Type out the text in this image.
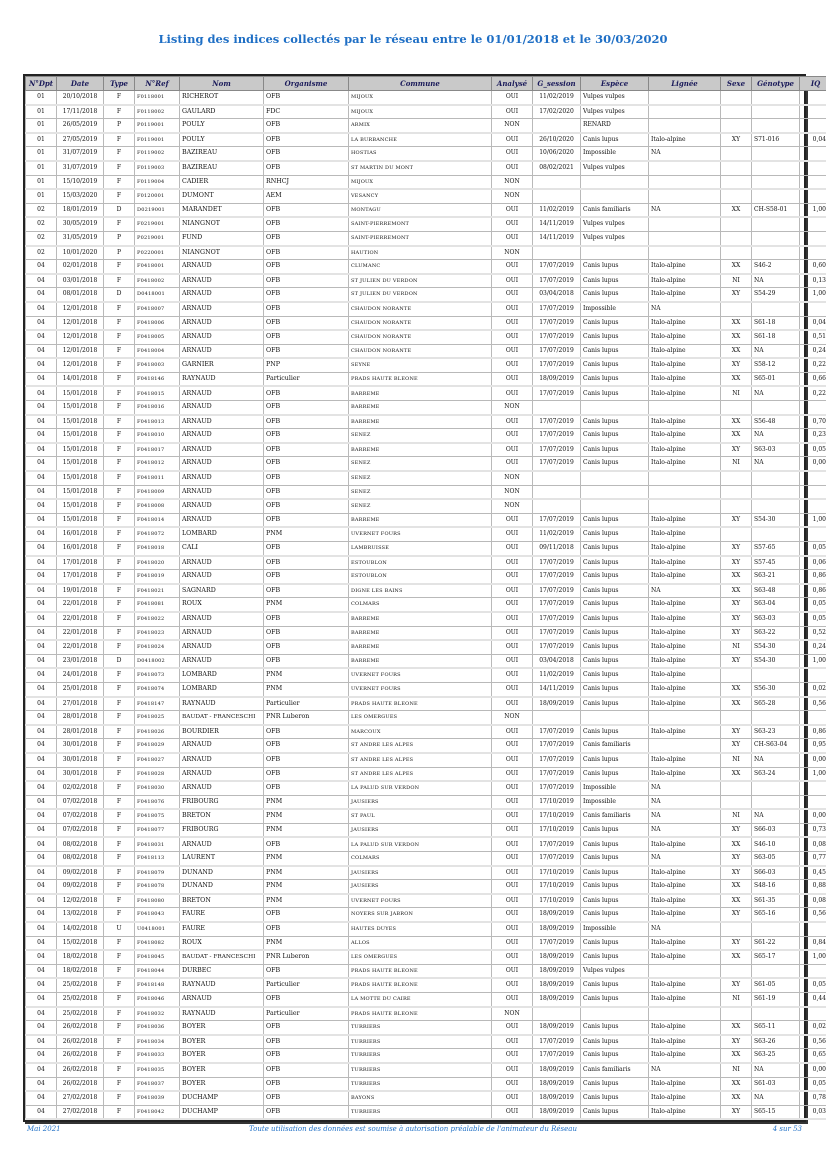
Listing des indices collectés par le réseau entre le 01/01/2018 et le 30/03/2020
N°Dpt	Date	Type	N°Ref	Nom	Organisme	Commune	Analysé	G_session	Espèce	Lignée	Sexe	Génotype	IQ
01	20/10/2018	F	F0118001	RICHEROT	OFB	MIJOUX	OUI	11/02/2019	Vulpes vulpes				
01	17/11/2018	F	F0118002	GAULARD	FDC	MIJOUX	OUI	17/02/2020	Vulpes vulpes				
01	26/05/2019	P	P0119001	POULY	OFB	ARMIX	NON		RENARD				
01	27/05/2019	F	F0119001	POULY	OFB	LA BURBANCHE	OUI	26/10/2020	Canis lupus	Italo-alpine	XY	S71-016	0,04
01	31/07/2019	F	F0119002	BAZIREAU	OFB	HOSTIAS	OUI	10/06/2020	Impossible	NA			
01	31/07/2019	F	F0119003	BAZIREAU	OFB	ST MARTIN DU MONT	OUI	08/02/2021	Vulpes vulpes				
01	15/10/2019	F	F0119004	CADIER	RNHCJ	MIJOUX	NON						
01	15/03/2020	F	F0120001	DUMONT	AEM	VESANCY	NON						
02	18/01/2019	D	D0219001	MARANDET	OFB	MONTAGU	OUI	11/02/2019	Canis familiaris	NA	XX	CH-S58-01	1,00
02	30/05/2019	F	F0219001	NIANGNOT	OFB	SAINT-PIERREMONT	OUI	14/11/2019	Vulpes vulpes				
02	31/05/2019	P	P0219001	FUND	OFB	SAINT-PIERREMONT	OUI	14/11/2019	Vulpes vulpes				
02	10/01/2020	P	P0220001	NIANGNOT	OFB	HAUTION	NON						
04	02/01/2018	F	F0418001	ARNAUD	OFB	CLUMANC	OUI	17/07/2019	Canis lupus	Italo-alpine	XX	S46-2	0,60
04	03/01/2018	F	F0418002	ARNAUD	OFB	ST JULIEN DU VERDON	OUI	17/07/2019	Canis lupus	Italo-alpine	NI	NA	0,13
04	08/01/2018	D	D0418001	ARNAUD	OFB	ST JULIEN DU VERDON	OUI	03/04/2018	Canis lupus	Italo-alpine	XY	S54-29	1,00
04	12/01/2018	F	F0418007	ARNAUD	OFB	CHAUDON NORANTE	OUI	17/07/2019	Impossible	NA			
04	12/01/2018	F	F0418006	ARNAUD	OFB	CHAUDON NORANTE	OUI	17/07/2019	Canis lupus	Italo-alpine	XX	S61-18	0,04
04	12/01/2018	F	F0418005	ARNAUD	OFB	CHAUDON NORANTE	OUI	17/07/2019	Canis lupus	Italo-alpine	XX	S61-18	0,51
04	12/01/2018	F	F0418004	ARNAUD	OFB	CHAUDON NORANTE	OUI	17/07/2019	Canis lupus	Italo-alpine	XX	NA	0,24
04	12/01/2018	F	F0418003	GARNIER	PNP	SEYNE	OUI	17/07/2019	Canis lupus	Italo-alpine	XY	S58-12	0,22
04	14/01/2018	F	F0418146	RAYNAUD	Particulier	PRADS HAUTE BLEONE	OUI	18/09/2019	Canis lupus	Italo-alpine	XX	S65-01	0,66
04	15/01/2018	F	F0418015	ARNAUD	OFB	BARREME	OUI	17/07/2019	Canis lupus	Italo-alpine	NI	NA	0,22
04	15/01/2018	F	F0418016	ARNAUD	OFB	BARREME	NON						
04	15/01/2018	F	F0418013	ARNAUD	OFB	BARREME	OUI	17/07/2019	Canis lupus	Italo-alpine	XX	S56-48	0,70
04	15/01/2018	F	F0418010	ARNAUD	OFB	SENEZ	OUI	17/07/2019	Canis lupus	Italo-alpine	XX	NA	0,23
04	15/01/2018	F	F0418017	ARNAUD	OFB	BARREME	OUI	17/07/2019	Canis lupus	Italo-alpine	XY	S63-03	0,05
04	15/01/2018	F	F0418012	ARNAUD	OFB	SENEZ	OUI	17/07/2019	Canis lupus	Italo-alpine	NI	NA	0,00
04	15/01/2018	F	F0418011	ARNAUD	OFB	SENEZ	NON						
04	15/01/2018	F	F0418009	ARNAUD	OFB	SENEZ	NON						
04	15/01/2018	F	F0418008	ARNAUD	OFB	SENEZ	NON						
04	15/01/2018	F	F0418014	ARNAUD	OFB	BARREME	OUI	17/07/2019	Canis lupus	Italo-alpine	XY	S54-30	1,00
04	16/01/2018	F	F0418072	LOMBARD	PNM	UVERNET FOURS	OUI	11/02/2019	Canis lupus	Italo-alpine			
04	16/01/2018	F	F0418018	CALI	OFB	LAMBRUISSE	OUI	09/11/2018	Canis lupus	Italo-alpine	XY	S57-65	0,05
04	17/01/2018	F	F0418020	ARNAUD	OFB	ESTOUBLON	OUI	17/07/2019	Canis lupus	Italo-alpine	XY	S57-45	0,06
04	17/01/2018	F	F0418019	ARNAUD	OFB	ESTOUBLON	OUI	17/07/2019	Canis lupus	Italo-alpine	XX	S63-21	0,86
04	19/01/2018	F	F0418021	SAGNARD	OFB	DIGNE LES BAINS	OUI	17/07/2019	Canis lupus	NA	XX	S63-48	0,86
04	22/01/2018	F	F0418081	ROUX	PNM	COLMARS	OUI	17/07/2019	Canis lupus	Italo-alpine	XY	S63-04	0,05
04	22/01/2018	F	F0418022	ARNAUD	OFB	BARREME	OUI	17/07/2019	Canis lupus	Italo-alpine	XY	S63-03	0,05
04	22/01/2018	F	F0418023	ARNAUD	OFB	BARREME	OUI	17/07/2019	Canis lupus	Italo-alpine	XY	S63-22	0,52
04	22/01/2018	F	F0418024	ARNAUD	OFB	BARREME	OUI	17/07/2019	Canis lupus	Italo-alpine	NI	S54-30	0,24
04	23/01/2018	D	D0418002	ARNAUD	OFB	BARREME	OUI	03/04/2018	Canis lupus	Italo-alpine	XY	S54-30	1,00
04	24/01/2018	F	F0418073	LOMBARD	PNM	UVERNET FOURS	OUI	11/02/2019	Canis lupus	Italo-alpine			
04	25/01/2018	F	F0418074	LOMBARD	PNM	UVERNET FOURS	OUI	14/11/2019	Canis lupus	Italo-alpine	XX	S56-30	0,02
04	27/01/2018	F	F0418147	RAYNAUD	Particulier	PRADS HAUTE BLEONE	OUI	18/09/2019	Canis lupus	Italo-alpine	XX	S65-28	0,56
04	28/01/2018	F	F0418025	BAUDAT - FRANCESCHI	PNR Luberon	LES OMERGUES	NON						
04	28/01/2018	F	F0418026	BOURDIER	OFB	MARCOUX	OUI	17/07/2019	Canis lupus	Italo-alpine	XY	S63-23	0,86
04	30/01/2018	F	F0418029	ARNAUD	OFB	ST ANDRE LES ALPES	OUI	17/07/2019	Canis familiaris		XY	CH-S63-04	0,95
04	30/01/2018	F	F0418027	ARNAUD	OFB	ST ANDRE LES ALPES	OUI	17/07/2019	Canis lupus	Italo-alpine	NI	NA	0,00
04	30/01/2018	F	F0418028	ARNAUD	OFB	ST ANDRE LES ALPES	OUI	17/07/2019	Canis lupus	Italo-alpine	XX	S63-24	1,00
04	02/02/2018	F	F0418030	ARNAUD	OFB	LA PALUD SUR VERDON	OUI	17/07/2019	Impossible	NA			
04	07/02/2018	F	F0418076	FRIBOURG	PNM	JAUSIERS	OUI	17/10/2019	Impossible	NA			
04	07/02/2018	F	F0418075	BRETON	PNM	ST PAUL	OUI	17/10/2019	Canis familiaris	NA	NI	NA	0,00
04	07/02/2018	F	F0418077	FRIBOURG	PNM	JAUSIERS	OUI	17/10/2019	Canis lupus	NA	XY	S66-03	0,73
04	08/02/2018	F	F0418031	ARNAUD	OFB	LA PALUD SUR VERDON	OUI	17/07/2019	Canis lupus	Italo-alpine	XX	S46-10	0,08
04	08/02/2018	F	F0418113	LAURENT	PNM	COLMARS	OUI	17/07/2019	Canis lupus	NA	XY	S63-05	0,77
04	09/02/2018	F	F0418079	DUNAND	PNM	JAUSIERS	OUI	17/10/2019	Canis lupus	Italo-alpine	XY	S66-03	0,45
04	09/02/2018	F	F0418078	DUNAND	PNM	JAUSIERS	OUI	17/10/2019	Canis lupus	Italo-alpine	XX	S48-16	0,88
04	12/02/2018	F	F0418080	BRETON	PNM	UVERNET FOURS	OUI	17/10/2019	Canis lupus	Italo-alpine	XX	S61-35	0,08
04	13/02/2018	F	F0418043	FAURE	OFB	NOYERS SUR JABRON	OUI	18/09/2019	Canis lupus	Italo-alpine	XY	S65-16	0,56
04	14/02/2018	U	U0418001	FAURE	OFB	HAUTES DUYES	OUI	18/09/2019	Impossible	NA			
04	15/02/2018	F	F0418082	ROUX	PNM	ALLOS	OUI	17/07/2019	Canis lupus	Italo-alpine	XY	S61-22	0,84
04	18/02/2018	F	F0418045	BAUDAT - FRANCESCHI	PNR Luberon	LES OMERGUES	OUI	18/09/2019	Canis lupus	Italo-alpine	XX	S65-17	1,00
04	18/02/2018	F	F0418044	DURBEC	OFB	PRADS HAUTE BLEONE	OUI	18/09/2019	Vulpes vulpes				
04	25/02/2018	F	F0418148	RAYNAUD	Particulier	PRADS HAUTE BLEONE	OUI	18/09/2019	Canis lupus	Italo-alpine	XY	S61-05	0,05
04	25/02/2018	F	F0418046	ARNAUD	OFB	LA MOTTE DU CAIRE	OUI	18/09/2019	Canis lupus	Italo-alpine	NI	S61-19	0,44
04	25/02/2018	F	F0418032	RAYNAUD	Particulier	PRADS HAUTE BLEONE	NON						
04	26/02/2018	F	F0418036	BOYER	OFB	TURRIERS	OUI	18/09/2019	Canis lupus	Italo-alpine	XX	S65-11	0,02
04	26/02/2018	F	F0418034	BOYER	OFB	TURRIERS	OUI	17/07/2019	Canis lupus	Italo-alpine	XY	S63-26	0,56
04	26/02/2018	F	F0418033	BOYER	OFB	TURRIERS	OUI	17/07/2019	Canis lupus	Italo-alpine	XX	S63-25	0,65
04	26/02/2018	F	F0418035	BOYER	OFB	TURRIERS	OUI	18/09/2019	Canis familiaris	NA	NI	NA	0,00
04	26/02/2018	F	F0418037	BOYER	OFB	TURRIERS	OUI	18/09/2019	Canis lupus	Italo-alpine	XX	S61-03	0,05
04	27/02/2018	F	F0418039	DUCHAMP	OFB	BAYONS	OUI	18/09/2019	Canis lupus	Italo-alpine	XX	NA	0,78
04	27/02/2018	F	F0418042	DUCHAMP	OFB	TURRIERS	OUI	18/09/2019	Canis lupus	Italo-alpine	XY	S65-15	0,03
Mai 2021	Toute utilisation des données est soumise à autorisation préalable de l'animateur du Réseau	4 sur 53
